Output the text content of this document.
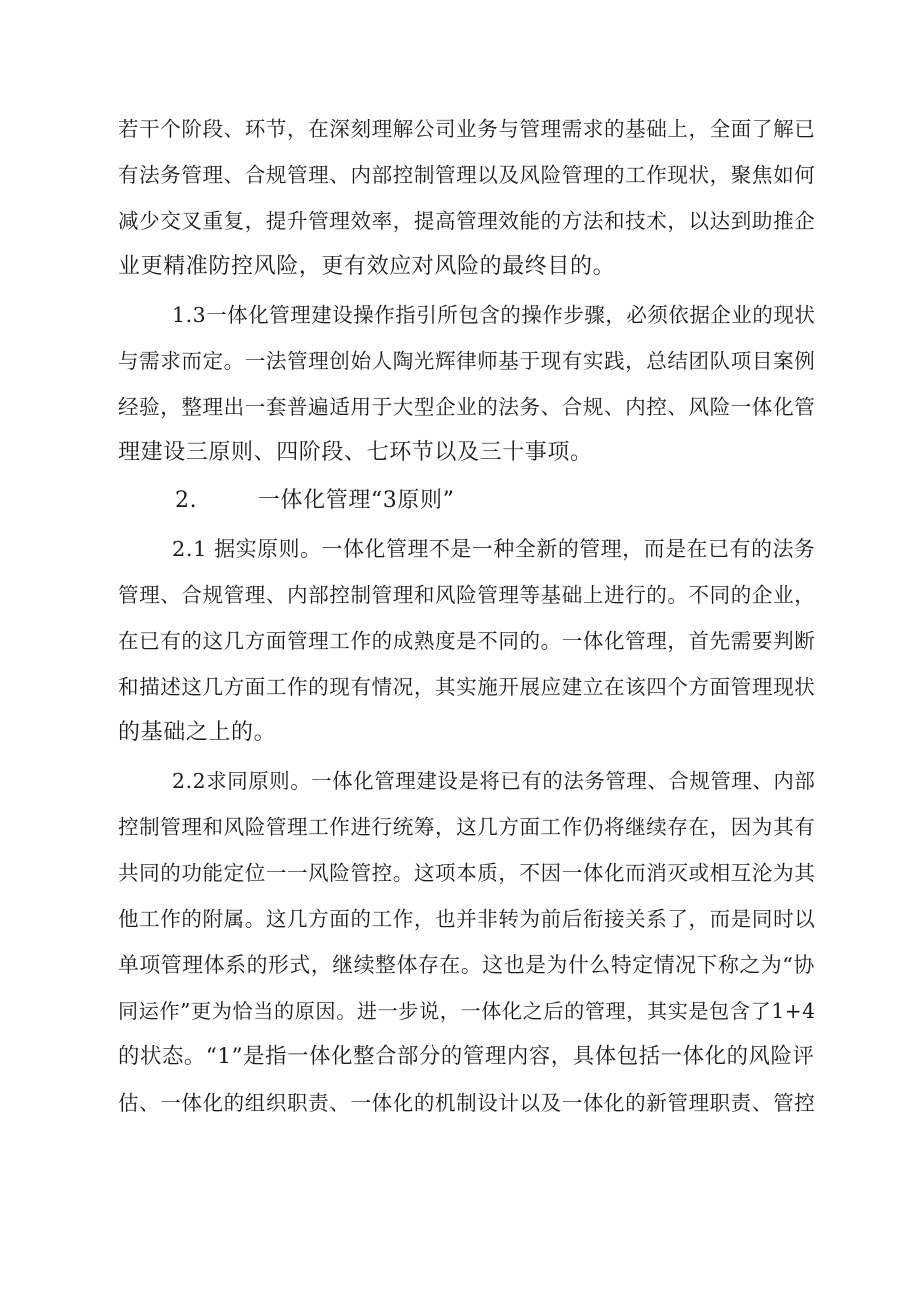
若干个阶段、环节，在深刻理解公司业务与管理需求的基础上，全面了解已
有法务管理、合规管理、内部控制管理以及风险管理的工作现状，聚焦如何
减少交叉重复，提升管理效率，提高管理效能的方法和技术，以达到助推企
业更精准防控风险，更有效应对风险的最终目的。
1.3一体化管理建设操作指引所包含的操作步骤，必须依据企业的现状
与需求而定。一法管理创始人陶光辉律师基于现有实践，总结团队项目案例
经验，整理出一套普遍适用于大型企业的法务、合规、内控、风险一体化管
理建设三原则、四阶段、七环节以及三十事项。
2.        一体化管理“3原则”
2.1 据实原则。一体化管理不是一种全新的管理，而是在已有的法务
管理、合规管理、内部控制管理和风险管理等基础上进行的。不同的企业，
在已有的这几方面管理工作的成熟度是不同的。一体化管理，首先需要判断
和描述这几方面工作的现有情况，其实施开展应建立在该四个方面管理现状
的基础之上的。
2.2求同原则。一体化管理建设是将已有的法务管理、合规管理、内部
控制管理和风险管理工作进行统筹，这几方面工作仍将继续存在，因为其有
共同的功能定位一一风险管控。这项本质，不因一体化而消灭或相互沦为其
他工作的附属。这几方面的工作，也并非转为前后衔接关系了，而是同时以
单项管理体系的形式，继续整体存在。这也是为什么特定情况下称之为“协
同运作”更为恰当的原因。进一步说，一体化之后的管理，其实是包含了1+4
的状态。“1”是指一体化整合部分的管理内容，具体包括一体化的风险评
估、一体化的组织职责、一体化的机制设计以及一体化的新管理职责、管控
